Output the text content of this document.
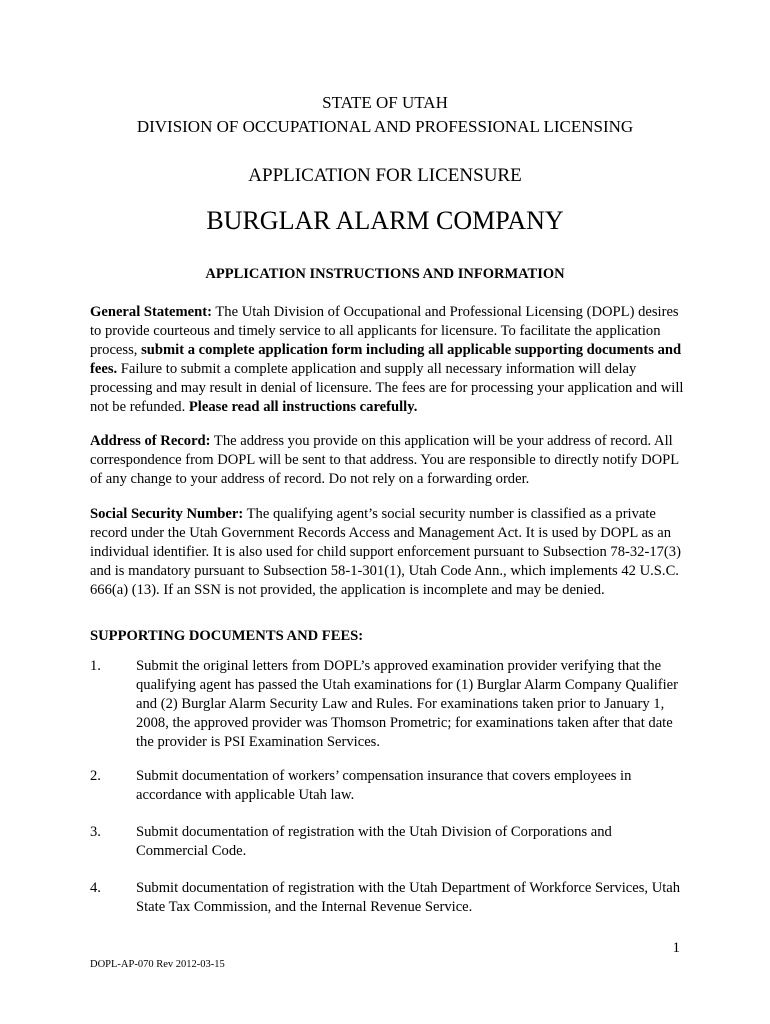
STATE OF UTAH
DIVISION OF OCCUPATIONAL AND PROFESSIONAL LICENSING
APPLICATION FOR LICENSURE
BURGLAR ALARM COMPANY
APPLICATION INSTRUCTIONS AND INFORMATION

General Statement: The Utah Division of Occupational and Professional Licensing (DOPL) desires to provide courteous and timely service to all applicants for licensure. To facilitate the application process, submit a complete application form including all applicable supporting documents and fees. Failure to submit a complete application and supply all necessary information will delay processing and may result in denial of licensure. The fees are for processing your application and will not be refunded. Please read all instructions carefully.

Address of Record: The address you provide on this application will be your address of record. All correspondence from DOPL will be sent to that address. You are responsible to directly notify DOPL of any change to your address of record. Do not rely on a forwarding order.

Social Security Number: The qualifying agent’s social security number is classified as a private record under the Utah Government Records Access and Management Act. It is used by DOPL as an individual identifier. It is also used for child support enforcement pursuant to Subsection 78-32-17(3) and is mandatory pursuant to Subsection 58-1-301(1), Utah Code Ann., which implements 42 U.S.C. 666(a) (13). If an SSN is not provided, the application is incomplete and may be denied.

SUPPORTING DOCUMENTS AND FEES:

1. Submit the original letters from DOPL’s approved examination provider verifying that the qualifying agent has passed the Utah examinations for (1) Burglar Alarm Company Qualifier and (2) Burglar Alarm Security Law and Rules. For examinations taken prior to January 1, 2008, the approved provider was Thomson Prometric; for examinations taken after that date the provider is PSI Examination Services.
2. Submit documentation of workers’ compensation insurance that covers employees in accordance with applicable Utah law.
3. Submit documentation of registration with the Utah Division of Corporations and Commercial Code.
4. Submit documentation of registration with the Utah Department of Workforce Services, Utah State Tax Commission, and the Internal Revenue Service.
1
DOPL-AP-070 Rev 2012-03-15
